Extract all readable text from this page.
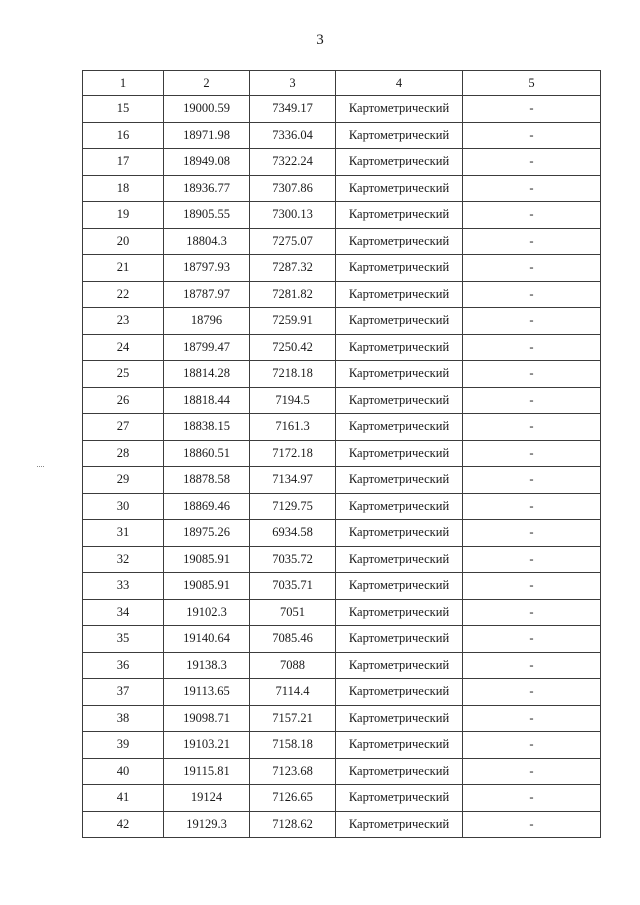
3
1	2	3	4	5
15	19000.59	7349.17	Картометрический	-
16	18971.98	7336.04	Картометрический	-
17	18949.08	7322.24	Картометрический	-
18	18936.77	7307.86	Картометрический	-
19	18905.55	7300.13	Картометрический	-
20	18804.3	7275.07	Картометрический	-
21	18797.93	7287.32	Картометрический	-
22	18787.97	7281.82	Картометрический	-
23	18796	7259.91	Картометрический	-
24	18799.47	7250.42	Картометрический	-
25	18814.28	7218.18	Картометрический	-
26	18818.44	7194.5	Картометрический	-
27	18838.15	7161.3	Картометрический	-
28	18860.51	7172.18	Картометрический	-
29	18878.58	7134.97	Картометрический	-
30	18869.46	7129.75	Картометрический	-
31	18975.26	6934.58	Картометрический	-
32	19085.91	7035.72	Картометрический	-
33	19085.91	7035.71	Картометрический	-
34	19102.3	7051	Картометрический	-
35	19140.64	7085.46	Картометрический	-
36	19138.3	7088	Картометрический	-
37	19113.65	7114.4	Картометрический	-
38	19098.71	7157.21	Картометрический	-
39	19103.21	7158.18	Картометрический	-
40	19115.81	7123.68	Картометрический	-
41	19124	7126.65	Картометрический	-
42	19129.3	7128.62	Картометрический	-
